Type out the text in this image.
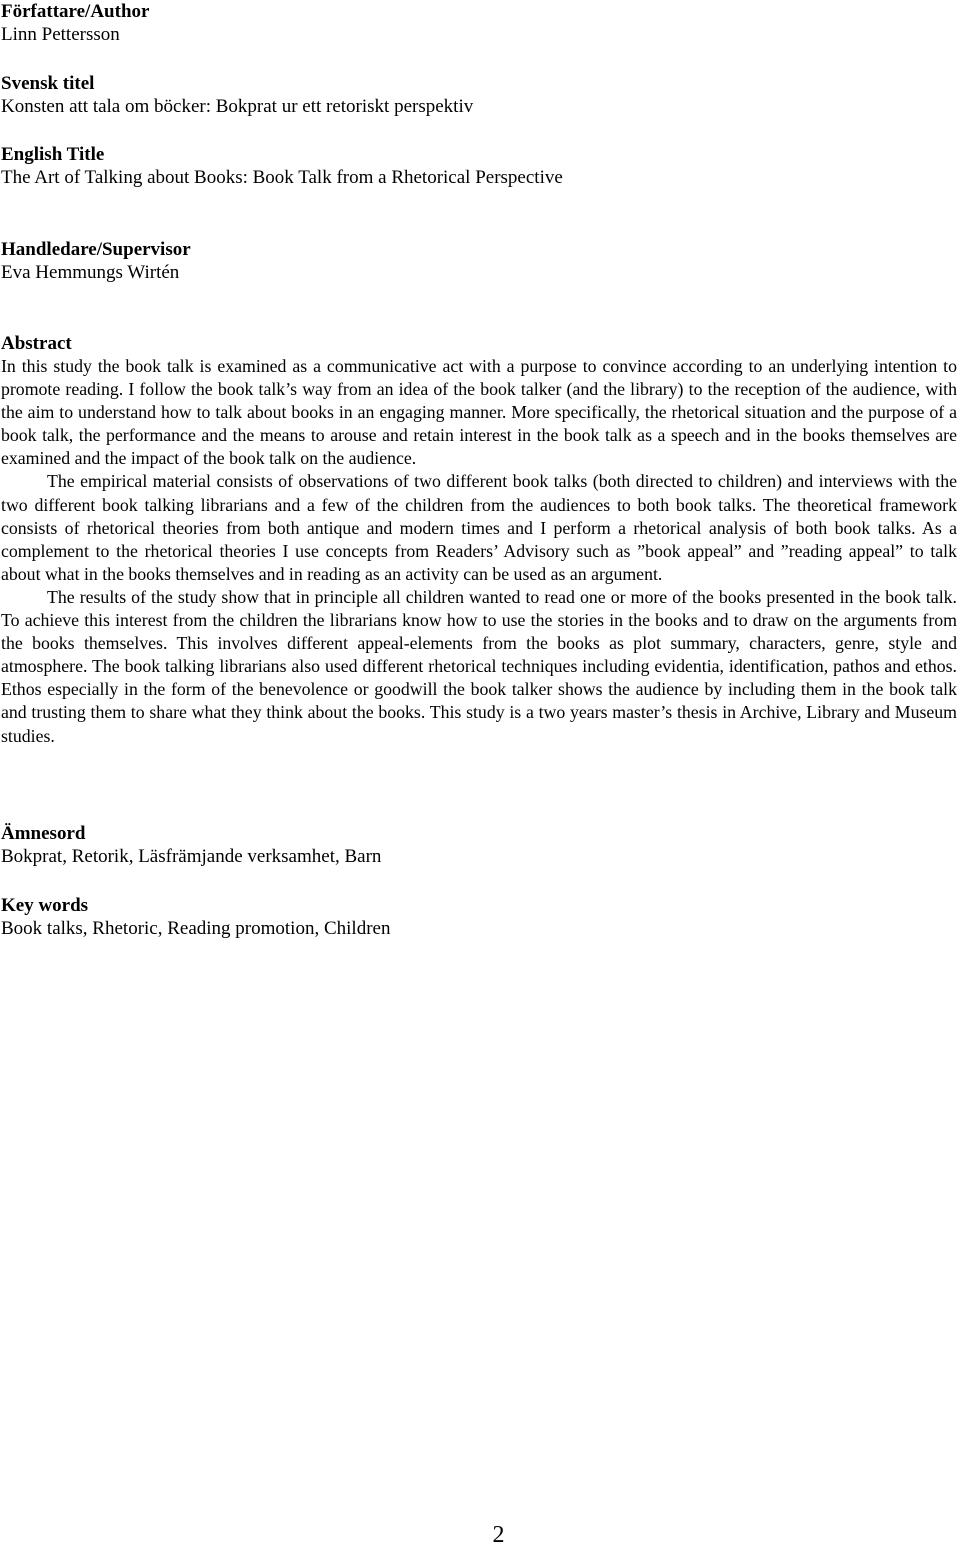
Författare/Author
Linn Pettersson
Svensk titel
Konsten att tala om böcker: Bokprat ur ett retoriskt perspektiv
English Title
The Art of Talking about Books: Book Talk from a Rhetorical Perspective
Handledare/Supervisor
Eva Hemmungs Wirtén
Abstract

In this study the book talk is examined as a communicative act with a purpose to convince according to an underlying intention to promote reading. I follow the book talk’s way from an idea of the book talker (and the library) to the reception of the audience, with the aim to understand how to talk about books in an engaging manner. More specifically, the rhetorical situation and the purpose of a book talk, the performance and the means to arouse and retain interest in the book talk as a speech and in the books themselves are examined and the impact of the book talk on the audience.

The empirical material consists of observations of two different book talks (both directed to children) and interviews with the two different book talking librarians and a few of the children from the audiences to both book talks. The theoretical framework consists of rhetorical theories from both antique and modern times and I perform a rhetorical analysis of both book talks. As a complement to the rhetorical theories I use concepts from Readers’ Advisory such as ”book appeal” and ”reading appeal” to talk about what in the books themselves and in reading as an activity can be used as an argument.

The results of the study show that in principle all children wanted to read one or more of the books presented in the book talk. To achieve this interest from the children the librarians know how to use the stories in the books and to draw on the arguments from the books themselves. This involves different appeal-elements from the books as plot summary, characters, genre, style and atmosphere. The book talking librarians also used different rhetorical techniques including evidentia, identification, pathos and ethos. Ethos especially in the form of the benevolence or goodwill the book talker shows the audience by including them in the book talk and trusting them to share what they think about the books. This study is a two years master’s thesis in Archive, Library and Museum studies.

Ämnesord
Bokprat, Retorik, Läsfrämjande verksamhet, Barn
Key words
Book talks, Rhetoric, Reading promotion, Children
2
